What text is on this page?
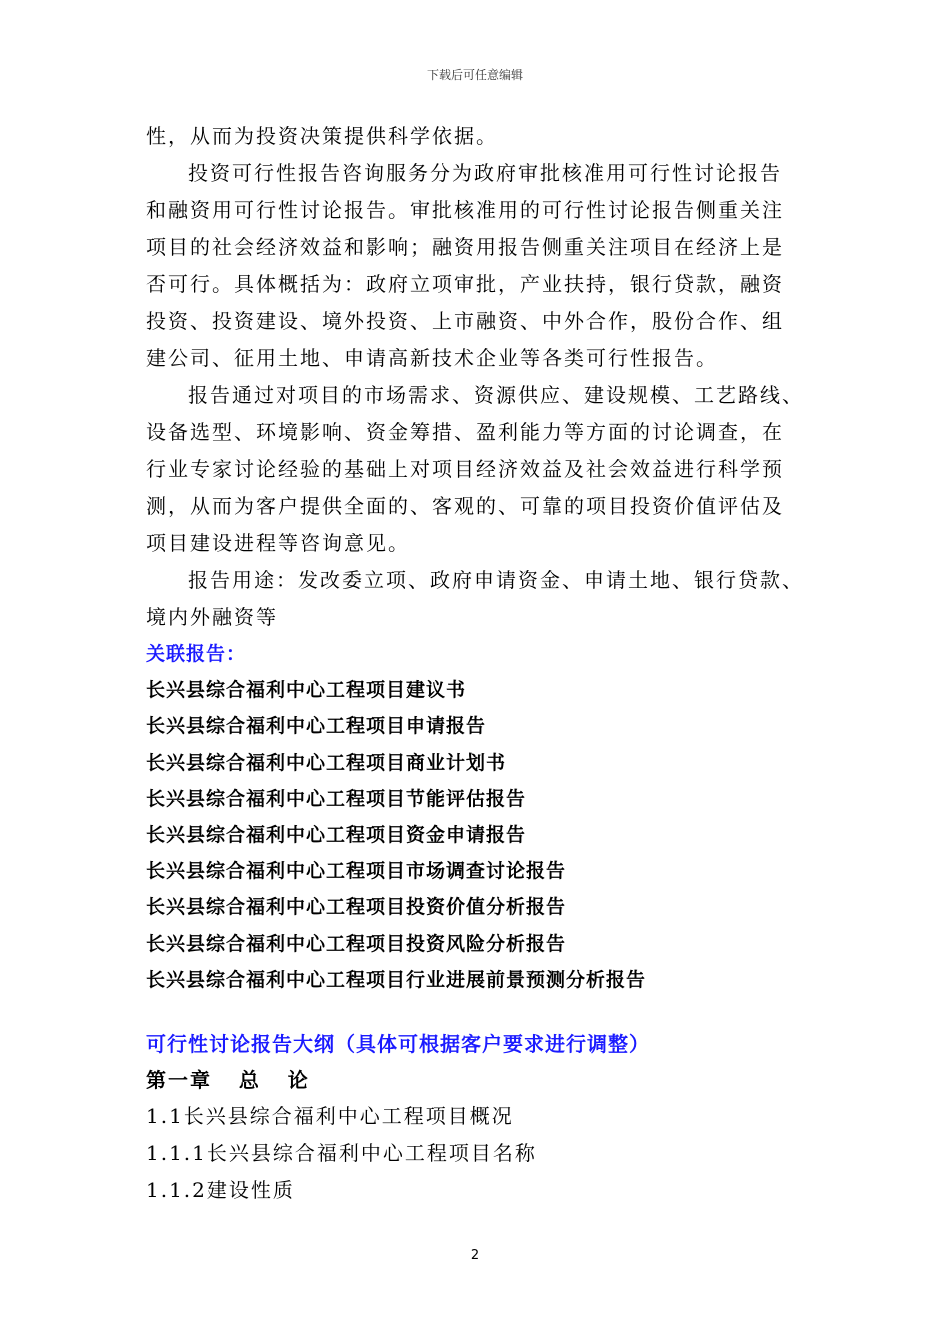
下载后可任意编辑

性，从而为投资决策提供科学依据。

投资可行性报告咨询服务分为政府审批核准用可行性讨论报告

和融资用可行性讨论报告。审批核准用的可行性讨论报告侧重关注

项目的社会经济效益和影响；融资用报告侧重关注项目在经济上是

否可行。具体概括为：政府立项审批，产业扶持，银行贷款，融资

投资、投资建设、境外投资、上市融资、中外合作，股份合作、组

建公司、征用土地、申请高新技术企业等各类可行性报告。

报告通过对项目的市场需求、资源供应、建设规模、工艺路线、

设备选型、环境影响、资金筹措、盈利能力等方面的讨论调查，在

行业专家讨论经验的基础上对项目经济效益及社会效益进行科学预

测，从而为客户提供全面的、客观的、可靠的项目投资价值评估及

项目建设进程等咨询意见。

报告用途：发改委立项、政府申请资金、申请土地、银行贷款、

境内外融资等

关联报告：

长兴县综合福利中心工程项目建议书

长兴县综合福利中心工程项目申请报告

长兴县综合福利中心工程项目商业计划书

长兴县综合福利中心工程项目节能评估报告

长兴县综合福利中心工程项目资金申请报告

长兴县综合福利中心工程项目市场调查讨论报告

长兴县综合福利中心工程项目投资价值分析报告

长兴县综合福利中心工程项目投资风险分析报告

长兴县综合福利中心工程项目行业进展前景预测分析报告

可行性讨论报告大纲（具体可根据客户要求进行调整）

第一章   总   论

1.1长兴县综合福利中心工程项目概况

1.1.1长兴县综合福利中心工程项目名称

1.1.2建设性质

2
